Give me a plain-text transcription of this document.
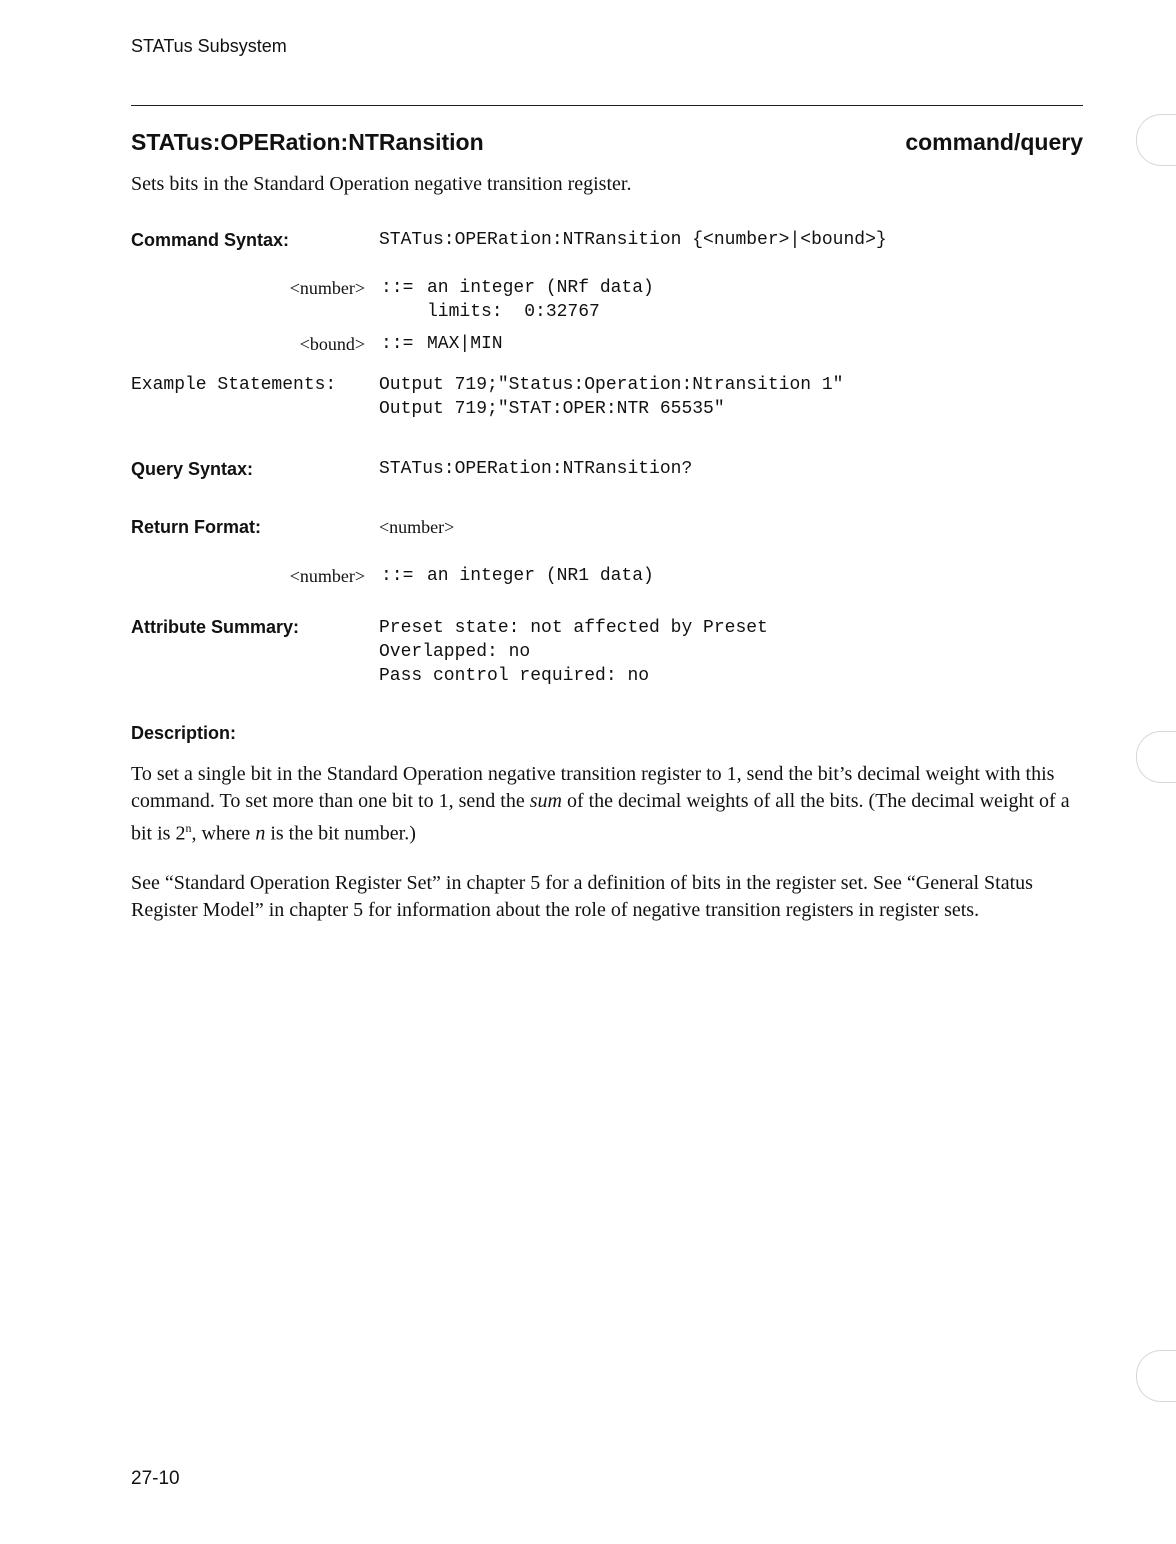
STATus Subsystem
STATus:OPERation:NTRansition	command/query
Sets bits in the Standard Operation negative transition register.
Command Syntax:	STATus:OPERation:NTRansition {<number>|<bound>}
<number> ::= an integer (NRf data)
limits:  0:32767
<bound> ::= MAX|MIN
Example Statements: Output 719;"Status:Operation:Ntransition 1"
Output 719;"STAT:OPER:NTR 65535"
Query Syntax:	STATus:OPERation:NTRansition?
Return Format:	<number>
<number> ::= an integer (NR1 data)
Attribute Summary:	Preset state: not affected by Preset
Overlapped: no
Pass control required: no
Description:
To set a single bit in the Standard Operation negative transition register to 1, send the bit’s decimal weight with this command. To set more than one bit to 1, send the sum of the decimal weights of all the bits. (The decimal weight of a bit is 2$^n$, where n is the bit number.)
See “Standard Operation Register Set” in chapter 5 for a definition of bits in the register set. See “General Status Register Model” in chapter 5 for information about the role of negative transition registers in register sets.
27-10
